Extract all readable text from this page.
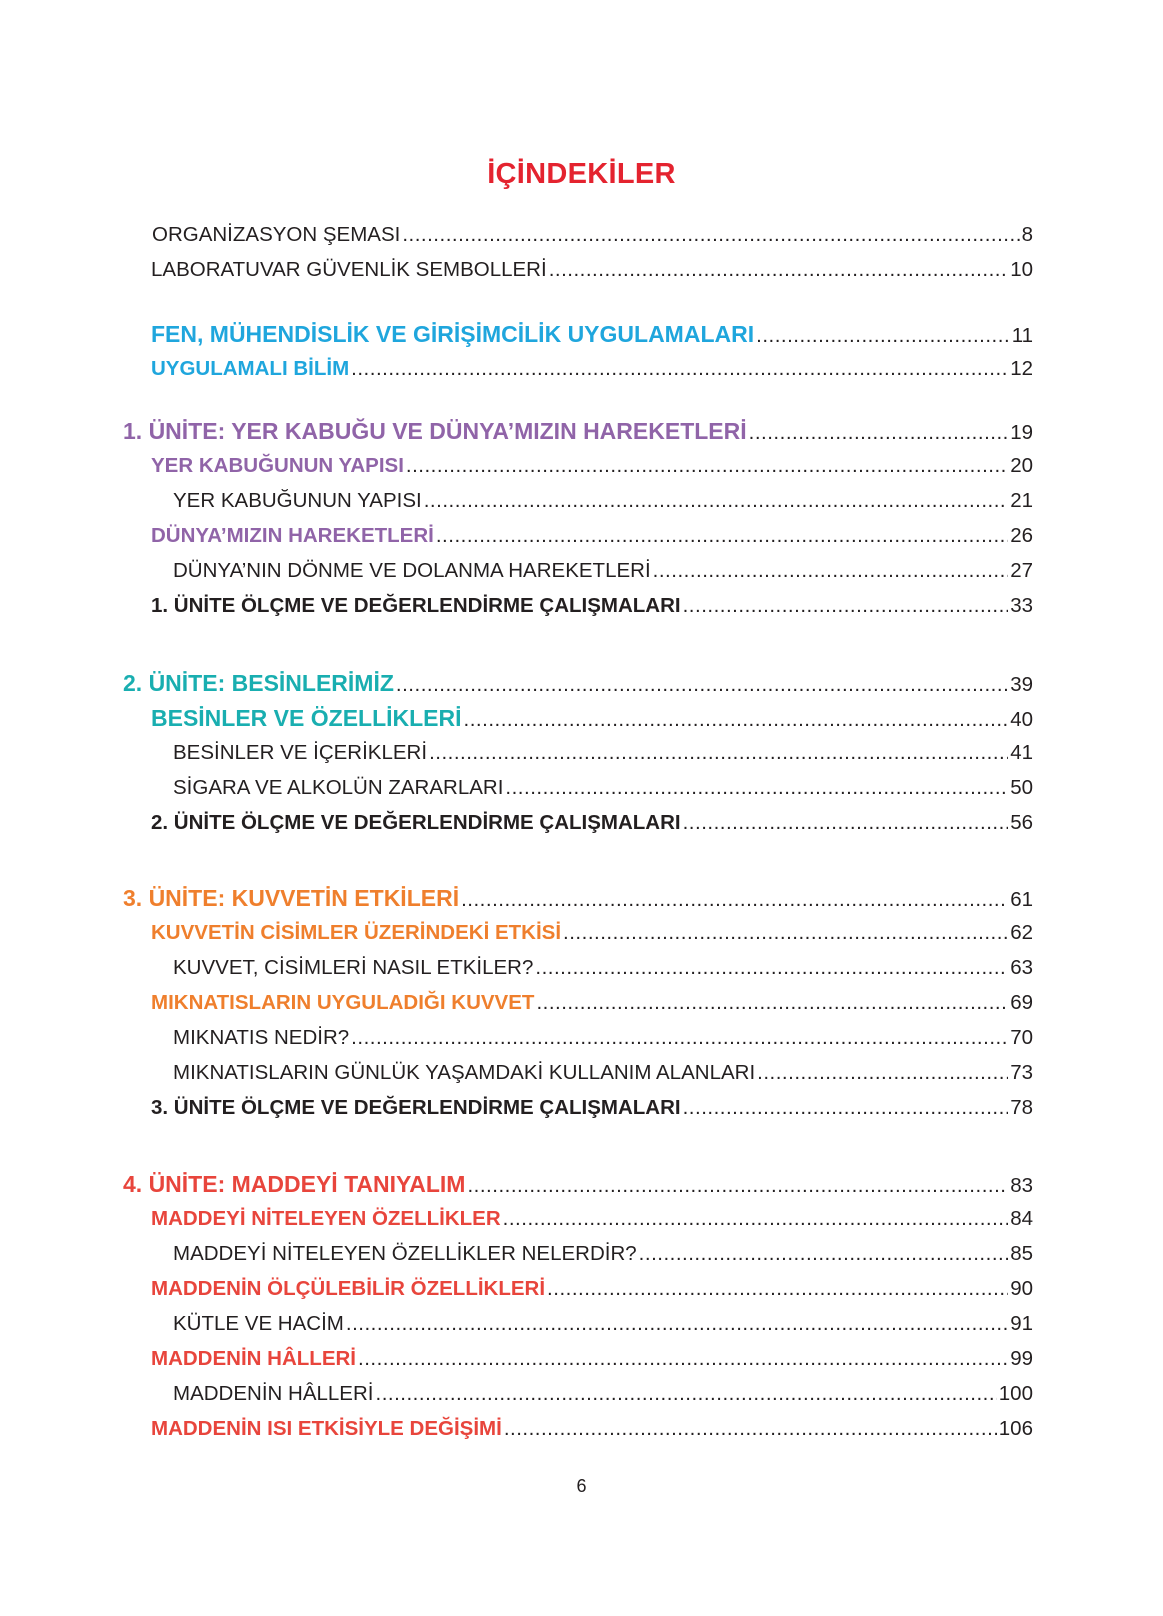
İÇİNDEKİLER
ORGANİZASYON ŞEMASI .....	8
LABORATUVAR GÜVENLİK SEMBOLLERİ .....	10
FEN, MÜHENDİSLİK VE GİRİŞİMCİLİK UYGULAMALARI .....	11
UYGULAMALI BİLİM .....	12
1. ÜNİTE: YER KABUĞU VE DÜNYA’MIZIN HAREKETLERİ .....	19
YER KABUĞUNUN YAPISI .....	20
YER KABUĞUNUN YAPISI .....	21
DÜNYA’MIZIN HAREKETLERİ .....	26
DÜNYA’NIN DÖNME VE DOLANMA HAREKETLERİ .....	27
1. ÜNİTE ÖLÇME VE DEĞERLENDİRME ÇALIŞMALARI .....	33
2. ÜNİTE: BESİNLERİMİZ .....	39
BESİNLER VE ÖZELLİKLERİ .....	40
BESİNLER VE İÇERİKLERİ .....	41
SİGARA VE ALKOLÜN ZARARLARI .....	50
2. ÜNİTE ÖLÇME VE DEĞERLENDİRME ÇALIŞMALARI .....	56
3. ÜNİTE: KUVVETİN ETKİLERİ .....	61
KUVVETİN CİSİMLER ÜZERİNDEKİ ETKİSİ .....	62
KUVVET, CİSİMLERİ NASIL ETKİLER? .....	63
MIKNATISLARIN UYGULADIĞI KUVVET .....	69
MIKNATIS NEDİR? .....	70
MIKNATISLARIN GÜNLÜK YAŞAMDAKİ KULLANIM ALANLARI .....	73
3. ÜNİTE ÖLÇME VE DEĞERLENDİRME ÇALIŞMALARI .....	78
4. ÜNİTE: MADDEYİ TANIYALIM .....	83
MADDEYİ NİTELEYEN ÖZELLİKLER .....	84
MADDEYİ NİTELEYEN ÖZELLİKLER NELERDİR? .....	85
MADDENİN ÖLÇÜLEBİLİR ÖZELLİKLERİ .....	90
KÜTLE VE HACİM .....	91
MADDENİN HÂLLERİ .....	99
MADDENİN HÂLLERİ .....	100
MADDENİN ISI ETKİSİYLE DEĞİŞİMİ .....	106
6
